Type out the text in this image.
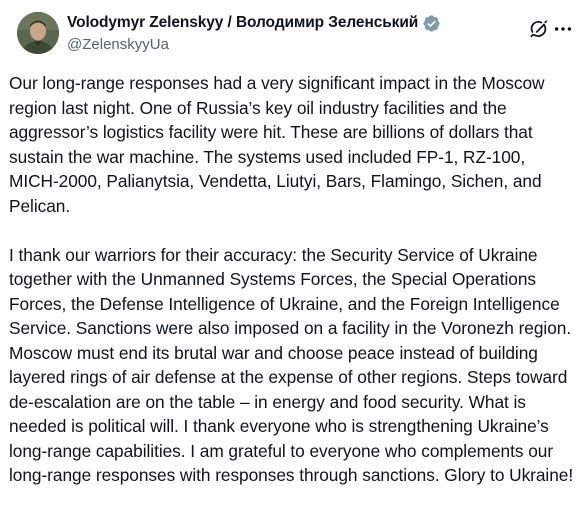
Volodymyr Zelenskyy / Володимир Зеленський
@ZelenskyyUa

Our long-range responses had a very significant impact in the Moscow region last night. One of Russia’s key oil industry facilities and the aggressor’s logistics facility were hit. These are billions of dollars that sustain the war machine. The systems used included FP-1, RZ-100, MICH-2000, Palianytsia, Vendetta, Liutyi, Bars, Flamingo, Sichen, and Pelican.

I thank our warriors for their accuracy: the Security Service of Ukraine together with the Unmanned Systems Forces, the Special Operations Forces, the Defense Intelligence of Ukraine, and the Foreign Intelligence Service. Sanctions were also imposed on a facility in the Voronezh region. Moscow must end its brutal war and choose peace instead of building layered rings of air defense at the expense of other regions. Steps toward de-escalation are on the table – in energy and food security. What is needed is political will. I thank everyone who is strengthening Ukraine’s long-range capabilities. I am grateful to everyone who complements our long-range responses with responses through sanctions. Glory to Ukraine!
